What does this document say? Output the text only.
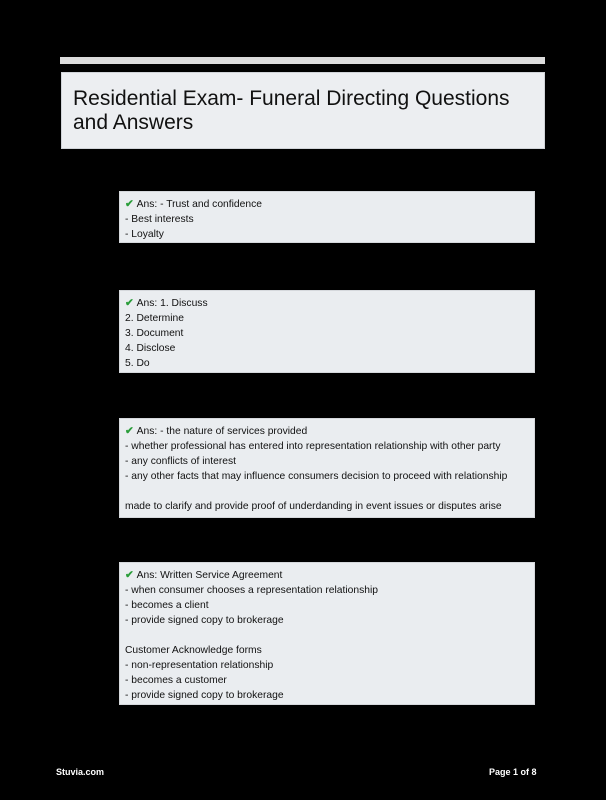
Residential Exam- Funeral Directing Questions and Answers
✔ Ans: - Trust and confidence
- Best interests
- Loyalty
✔ Ans: 1. Discuss
2. Determine
3. Document
4. Disclose
5. Do
✔ Ans: - the nature of services provided
- whether professional has entered into representation relationship with other party
- any conflicts of interest
- any other facts that may influence consumers decision to proceed with relationship
made to clarify and provide proof of underdanding in event issues or disputes arise
✔ Ans: Written Service Agreement
- when consumer chooses a representation relationship
- becomes a client
- provide signed copy to brokerage
Customer Acknowledge forms
- non-representation relationship
- becomes a customer
- provide signed copy to brokerage
Stuvia.com	Page 1 of 8
